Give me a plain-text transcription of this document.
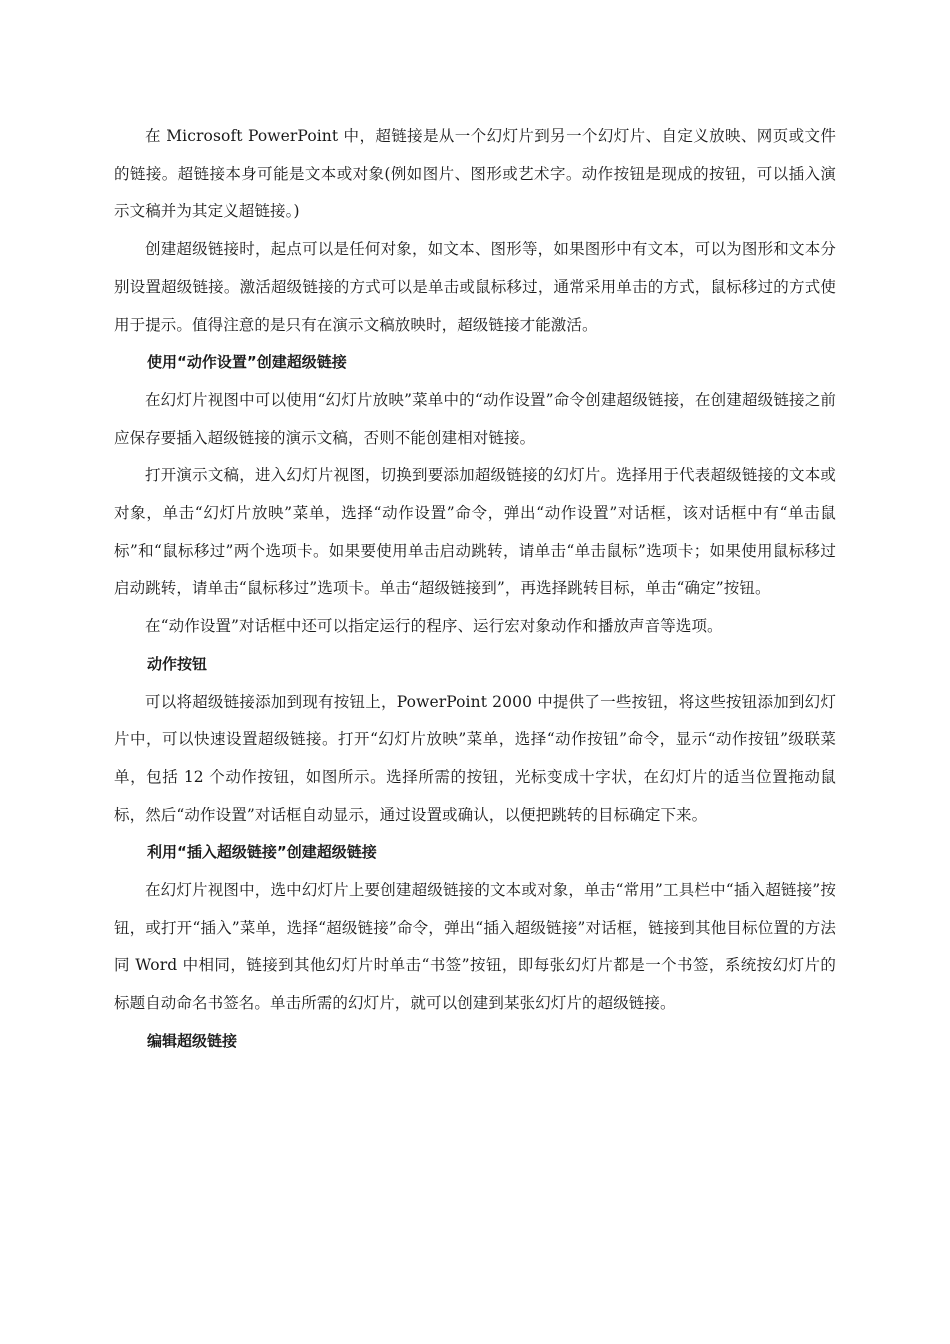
在 Microsoft PowerPoint 中，超链接是从一个幻灯片到另一个幻灯片、自定义放映、网页或文件的链接。超链接本身可能是文本或对象(例如图片、图形或艺术字。动作按钮是现成的按钮，可以插入演示文稿并为其定义超链接。)

创建超级链接时，起点可以是任何对象，如文本、图形等，如果图形中有文本，可以为图形和文本分别设置超级链接。激活超级链接的方式可以是单击或鼠标移过，通常采用单击的方式，鼠标移过的方式使用于提示。值得注意的是只有在演示文稿放映时，超级链接才能激活。

使用“动作设置”创建超级链接

在幻灯片视图中可以使用“幻灯片放映”菜单中的“动作设置”命令创建超级链接，在创建超级链接之前应保存要插入超级链接的演示文稿，否则不能创建相对链接。

打开演示文稿，进入幻灯片视图，切换到要添加超级链接的幻灯片。选择用于代表超级链接的文本或对象，单击“幻灯片放映”菜单，选择“动作设置”命令，弹出“动作设置”对话框，该对话框中有“单击鼠标”和“鼠标移过”两个选项卡。如果要使用单击启动跳转，请单击“单击鼠标”选项卡；如果使用鼠标移过启动跳转，请单击“鼠标移过”选项卡。单击“超级链接到”，再选择跳转目标，单击“确定”按钮。

在“动作设置”对话框中还可以指定运行的程序、运行宏对象动作和播放声音等选项。

动作按钮

可以将超级链接添加到现有按钮上，PowerPoint 2000 中提供了一些按钮，将这些按钮添加到幻灯片中，可以快速设置超级链接。打开“幻灯片放映”菜单，选择“动作按钮”命令，显示“动作按钮”级联菜单，包括 12 个动作按钮，如图所示。选择所需的按钮，光标变成十字状，在幻灯片的适当位置拖动鼠标，然后“动作设置”对话框自动显示，通过设置或确认，以便把跳转的目标确定下来。

利用“插入超级链接”创建超级链接

在幻灯片视图中，选中幻灯片上要创建超级链接的文本或对象，单击“常用”工具栏中“插入超链接”按钮，或打开“插入”菜单，选择“超级链接”命令，弹出“插入超级链接”对话框，链接到其他目标位置的方法同 Word 中相同，链接到其他幻灯片时单击“书签”按钮，即每张幻灯片都是一个书签，系统按幻灯片的标题自动命名书签名。单击所需的幻灯片，就可以创建到某张幻灯片的超级链接。

编辑超级链接
